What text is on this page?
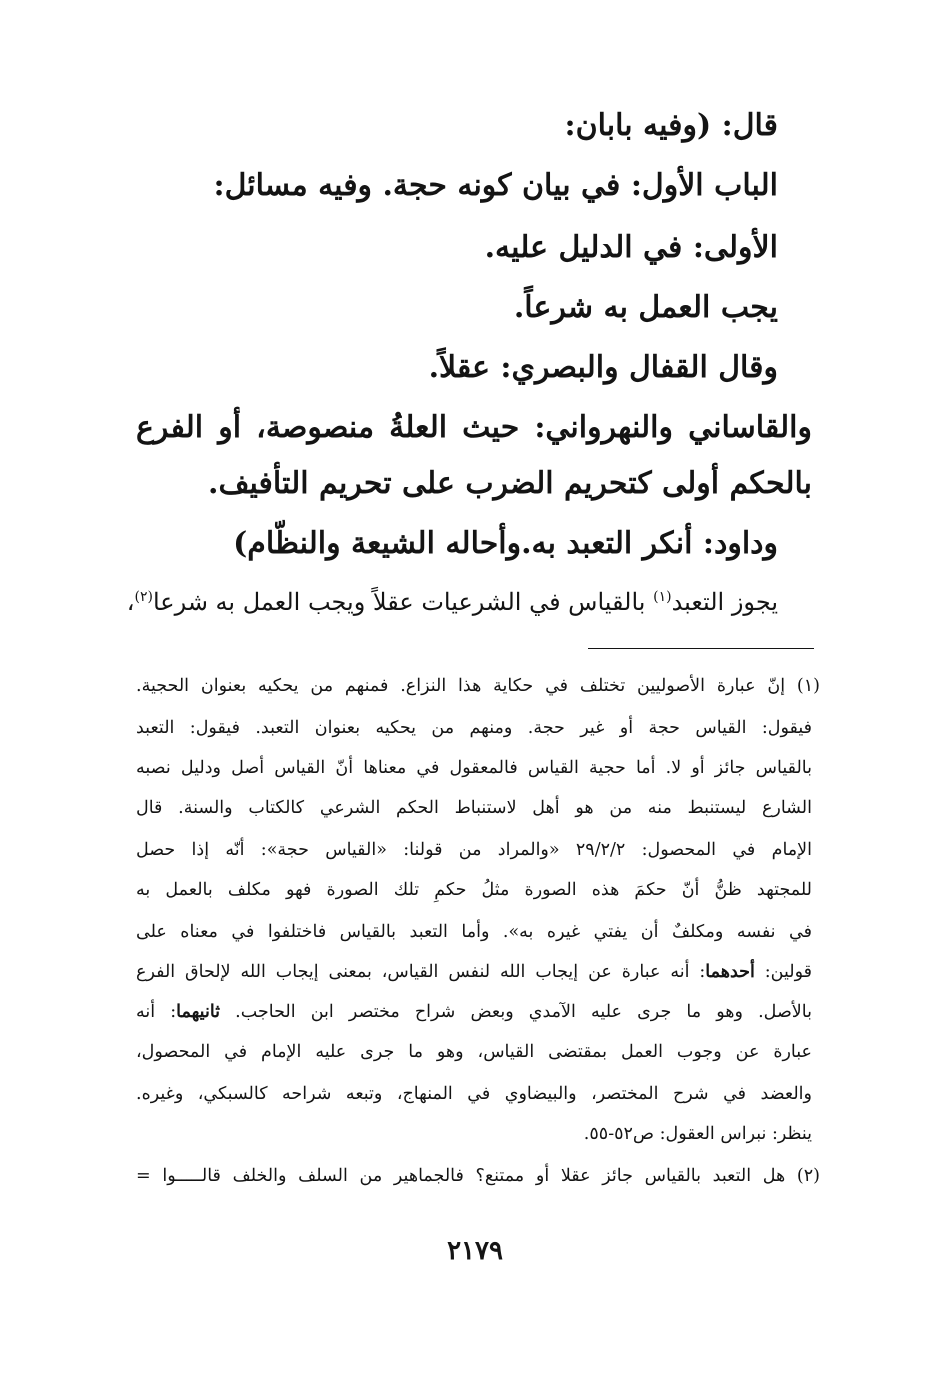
قال: (وفيه بابان:
الباب الأول: في بيان كونه حجة. وفيه مسائل:
الأولى: في الدليل عليه.
يجب العمل به شرعاً.
وقال القفال والبصري: عقلاً.
والقاساني والنهرواني: حيث العلةُ منصوصة، أو الفرع
بالحكم أولى كتحريم الضرب على تحريم التأفيف.
وداود: أنكر التعبد به.وأحاله الشيعة والنظّام)
يجوز التعبد$^{(١)}$ بالقياس في الشرعيات عقلاً ويجب العمل به شرعا$^{(٢)}$،
(١) إنّ عبارة الأصوليين تختلف في حكاية هذا النزاع. فمنهم من يحكيه بعنوان الحجية.
فيقول: القياس حجة أو غير حجة. ومنهم من يحكيه بعنوان التعبد. فيقول: التعبد
بالقياس جائز أو لا. أما حجية القياس فالمعقول في معناها أنّ القياس أصل ودليل نصبه
الشارع ليستنبط منه من هو أهل لاستنباط الحكم الشرعي كالكتاب والسنة. قال
الإمام في المحصول: ٢٩/٢/٢ «والمراد من قولنا: «القياس حجة»: أنّه إذا حصل
للمجتهد ظنُّ أنّ حكمَ هذه الصورة مثلُ حكمِ تلك الصورة فهو مكلف بالعمل به
في نفسه ومكلفٌ أن يفتي غيره به». وأما التعبد بالقياس فاختلفوا في معناه على
قولين: أحدهما: أنه عبارة عن إيجاب الله لنفس القياس، بمعنى إيجاب الله لإلحاق الفرع
بالأصل. وهو ما جرى عليه الآمدي وبعض شراح مختصر ابن الحاجب. ثانيهما: أنه
عبارة عن وجوب العمل بمقتضى القياس، وهو ما جرى عليه الإمام في المحصول،
والعضد في شرح المختصر، والبيضاوي في المنهاج، وتبعه شراحه كالسبكي، وغيره.
ينظر: نبراس العقول: ص٥٢-٥٥.
(٢) هل التعبد بالقياس جائز عقلا أو ممتنع؟ فالجماهير من السلف والخلف قالـــــوا =
٢١٧٩
